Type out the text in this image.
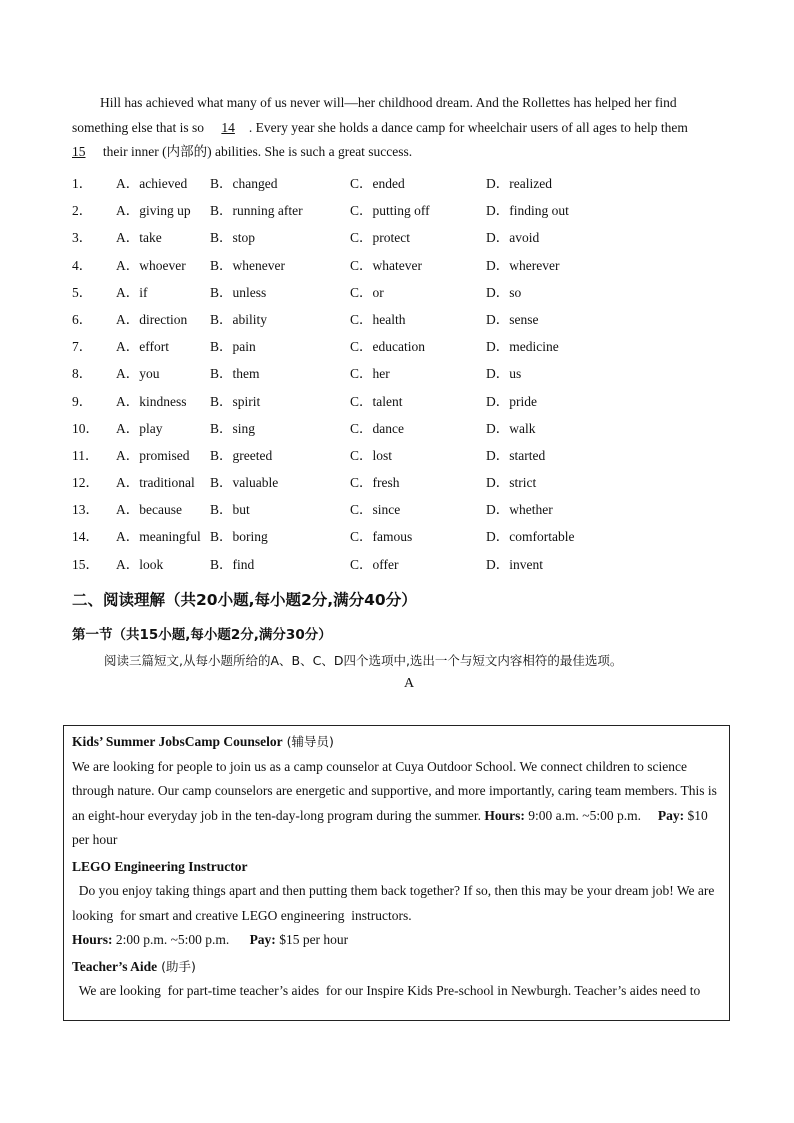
Hill has achieved what many of us never will—her childhood dream. And the Rollettes has helped her find

something else that is so 14 . Every year she holds a dance camp for wheelchair users of all ages to help them

15 their inner (内部的) abilities. She is such a great success.

1． A．achieved B．changed	C．ended	D．realized
2． A．giving up B．running after	C．putting off	D．finding out
3． A．take	B．stop	C．protect	D．avoid
4． A．whoever B．whenever	C．whatever	D．wherever
5． A．if	B．unless	C．or	D．so
6． A．direction B．ability	C．health	D．sense
7． A．effort	B．pain	C．education	D．medicine
8． A．you	B．them	C．her	D．us
9． A．kindness B．spirit	C．talent	D．pride
10． A．play	B．sing	C．dance	D．walk
11． A．promised B．greeted	C．lost	D．started
12． A．traditional B．valuable	C．fresh	D．strict
13． A．because B．but	C．since	D．whether
14． A．meaningful B．boring	C．famous	D．comfortable
15． A．look	B．find	C．offer	D．invent
二、阅读理解（共20小题,每小题2分,满分40分）
第一节（共15小题,每小题2分,满分30分）
阅读三篇短文,从每小题所给的A、B、C、D四个选项中,选出一个与短文内容相符的最佳选项。
A

Kids’ Summer JobsCamp Counselor (辅导员)

We are looking for people to join us as a camp counselor at Cuya Outdoor School. We connect children to science through nature. Our camp counselors are energetic and supportive, and more importantly, caring team members. This is an eight-hour everyday job in the ten-day-long program during the summer. Hours: 9:00 a.m. ~5:00 p.m.     Pay: $10 per hour

LEGO Engineering Instructor

Do you enjoy taking things apart and then putting them back together? If so, then this may be your dream job! We are looking  for smart and creative LEGO engineering  instructors.

Hours: 2:00 p.m. ~5:00 p.m.      Pay: $15 per hour

Teacher’s Aide (助手)

We are looking  for part-time teacher’s aides  for our Inspire Kids Pre-school in Newburgh. Teacher’s aides need to
